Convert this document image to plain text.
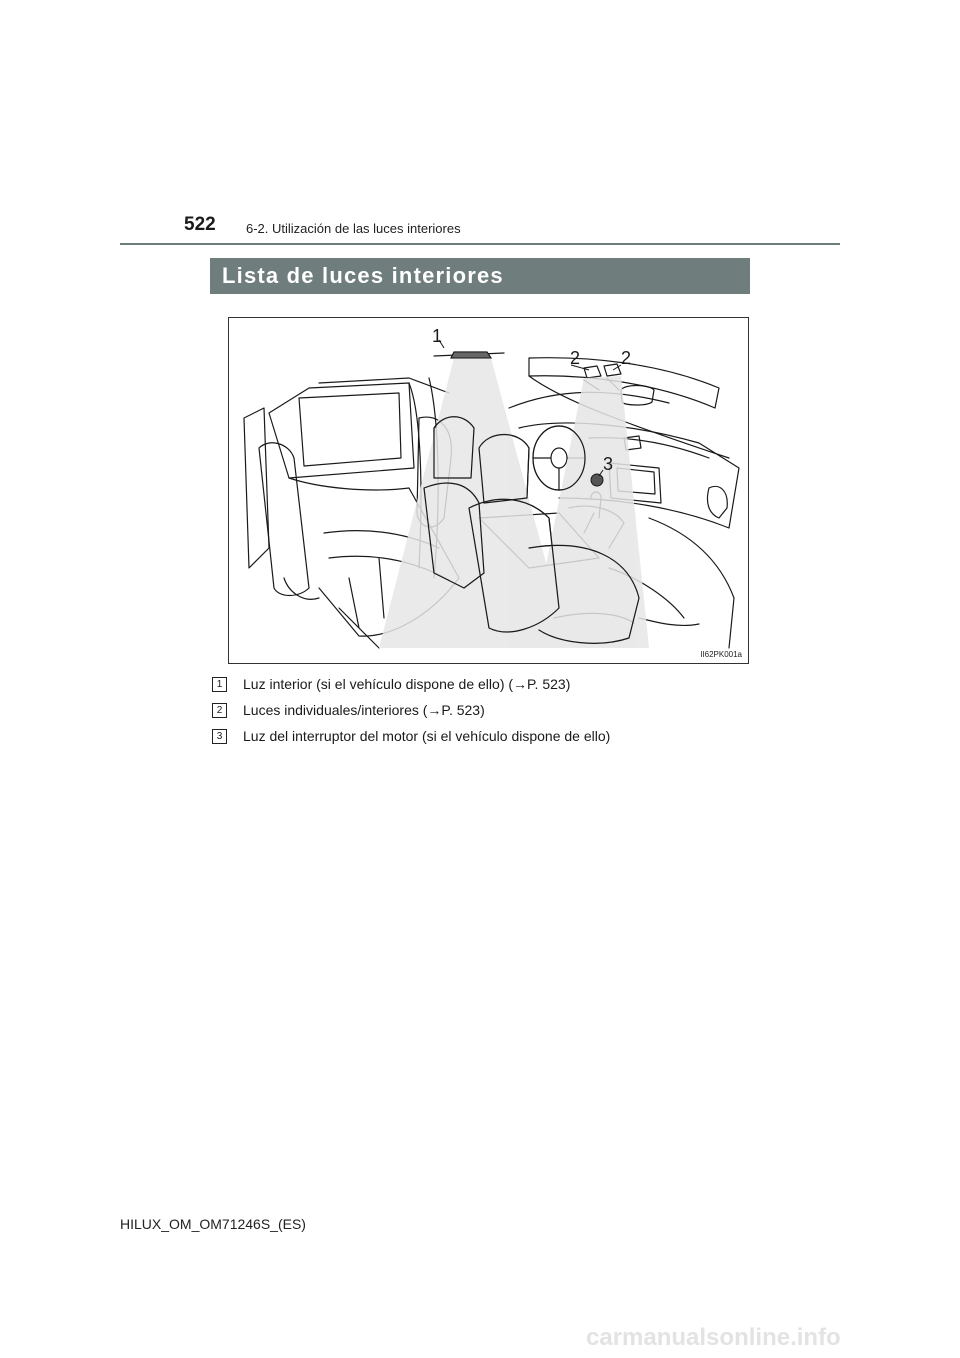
522 6-2. Utilización de las luces interiores
Lista de luces interiores
1
2 2
3
II62PK001a
1	Luz interior (si el vehículo dispone de ello) (→P. 523)
2	Luces individuales/interiores (→P. 523)
3	Luz del interruptor del motor (si el vehículo dispone de ello)
HILUX_OM_OM71246S_(ES)
carmanualsonline.info
